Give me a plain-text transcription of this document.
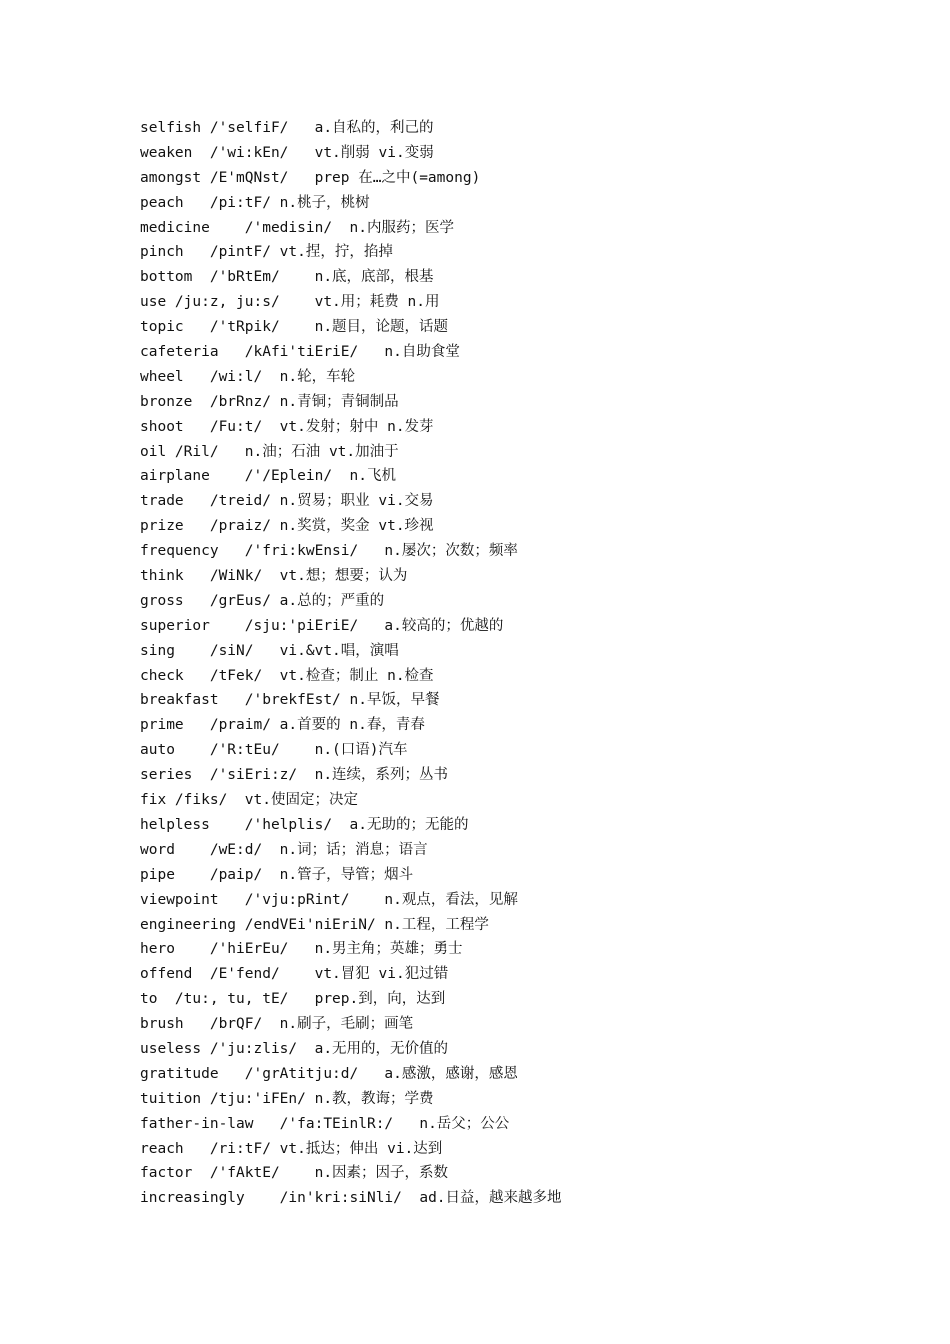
selfish /'selfiF/   a.自私的，利己的
weaken  /'wi:kEn/   vt.削弱 vi.变弱
amongst /E'mQNst/   prep 在…之中(=among)
peach   /pi:tF/ n.桃子，桃树
medicine    /'medisin/  n.内服药；医学
pinch   /pintF/ vt.捏，拧，掐掉
bottom  /'bRtEm/    n.底，底部，根基
use /ju:z, ju:s/    vt.用；耗费 n.用
topic   /'tRpik/    n.题目，论题，话题
cafeteria   /kAfi'tiEriE/   n.自助食堂
wheel   /wi:l/  n.轮，车轮
bronze  /brRnz/ n.青铜；青铜制品
shoot   /Fu:t/  vt.发射；射中 n.发芽
oil /Ril/   n.油；石油 vt.加油于
airplane    /'/Eplein/  n.飞机
trade   /treid/ n.贸易；职业 vi.交易
prize   /praiz/ n.奖赏，奖金 vt.珍视
frequency   /'fri:kwEnsi/   n.屡次；次数；频率
think   /WiNk/  vt.想；想要；认为
gross   /grEus/ a.总的；严重的
superior    /sju:'piEriE/   a.较高的；优越的
sing    /siN/   vi.&vt.唱，演唱
check   /tFek/  vt.检查；制止 n.检查
breakfast   /'brekfEst/ n.早饭，早餐
prime   /praim/ a.首要的 n.春，青春
auto    /'R:tEu/    n.(口语)汽车
series  /'siEri:z/  n.连续，系列；丛书
fix /fiks/  vt.使固定；决定
helpless    /'helplis/  a.无助的；无能的
word    /wE:d/  n.词；话；消息；语言
pipe    /paip/  n.管子，导管；烟斗
viewpoint   /'vju:pRint/    n.观点，看法，见解
engineering /endVEi'niEriN/ n.工程，工程学
hero    /'hiErEu/   n.男主角；英雄；勇士
offend  /E'fend/    vt.冒犯 vi.犯过错
to  /tu:, tu, tE/   prep.到，向，达到
brush   /brQF/  n.刷子，毛刷；画笔
useless /'ju:zlis/  a.无用的，无价值的
gratitude   /'grAtitju:d/   a.感激，感谢，感恩
tuition /tju:'iFEn/ n.教，教诲；学费
father-in-law   /'fa:TEinlR:/   n.岳父；公公
reach   /ri:tF/ vt.抵达；伸出 vi.达到
factor  /'fAktE/    n.因素；因子，系数
increasingly    /in'kri:siNli/  ad.日益，越来越多地
